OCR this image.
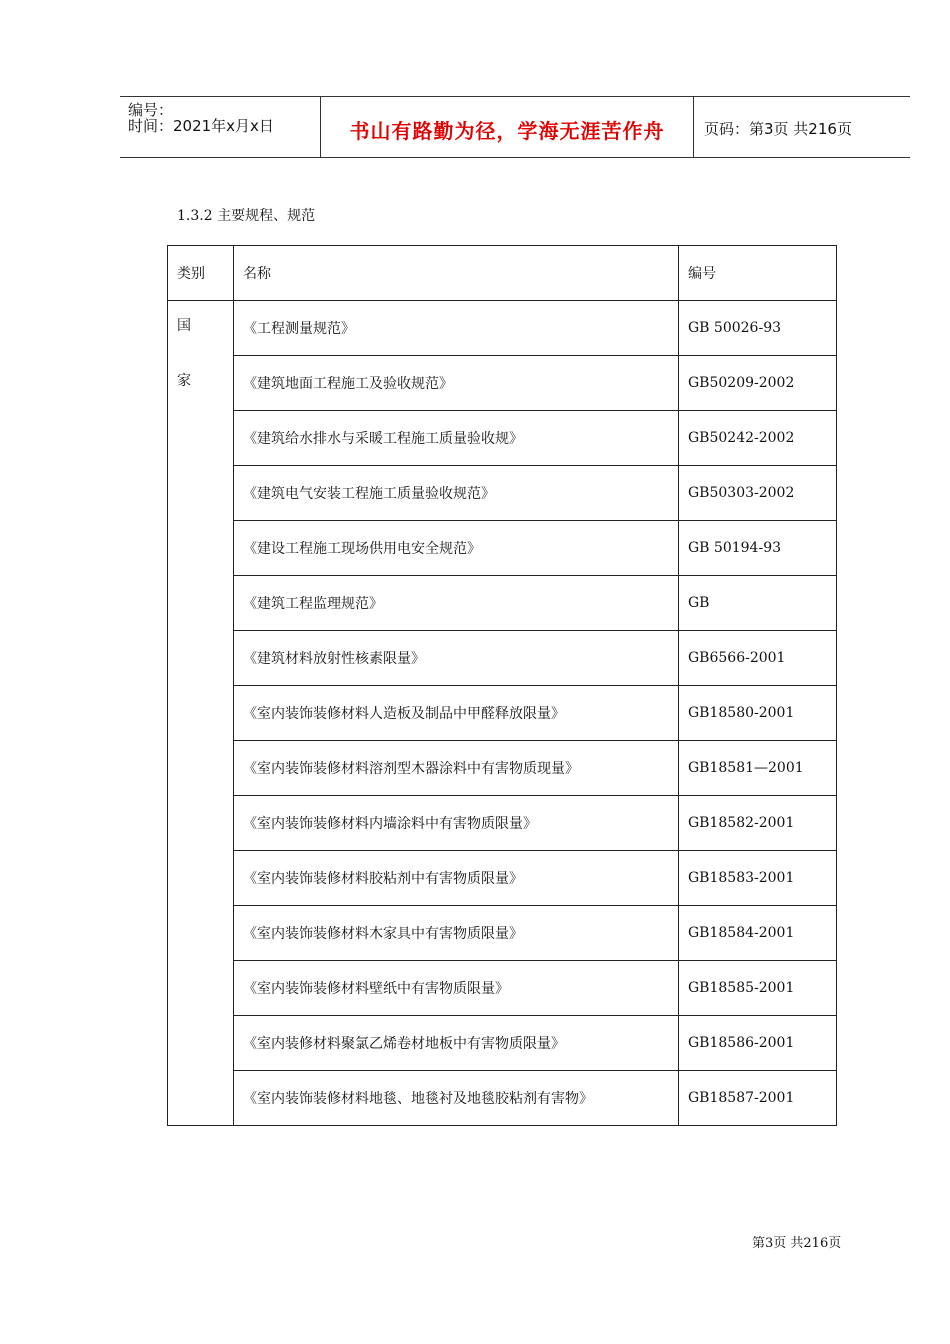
编号：
时间：2021年x月x日	书山有路勤为径，学海无涯苦作舟	页码：第3页 共216页
1.3.2 主要规程、规范
类别	名称	编号

国
家	《工程测量规范》	GB 50026-93
	《建筑地面工程施工及验收规范》	GB50209-2002
	《建筑给水排水与采暖工程施工质量验收规》	GB50242-2002
	《建筑电气安装工程施工质量验收规范》	GB50303-2002
	《建设工程施工现场供用电安全规范》	GB 50194-93
	《建筑工程监理规范》	GB
	《建筑材料放射性核素限量》	GB6566-2001
	《室内装饰装修材料人造板及制品中甲醛释放限量》	GB18580-2001
	《室内装饰装修材料溶剂型木器涂料中有害物质现量》	GB18581—2001
	《室内装饰装修材料内墙涂料中有害物质限量》	GB18582-2001
	《室内装饰装修材料胶粘剂中有害物质限量》	GB18583-2001
	《室内装饰装修材料木家具中有害物质限量》	GB18584-2001
	《室内装饰装修材料壁纸中有害物质限量》	GB18585-2001
	《室内装修材料聚氯乙烯卷材地板中有害物质限量》	GB18586-2001
	《室内装饰装修材料地毯、地毯衬及地毯胶粘剂有害物》	GB18587-2001
第3页 共216页
